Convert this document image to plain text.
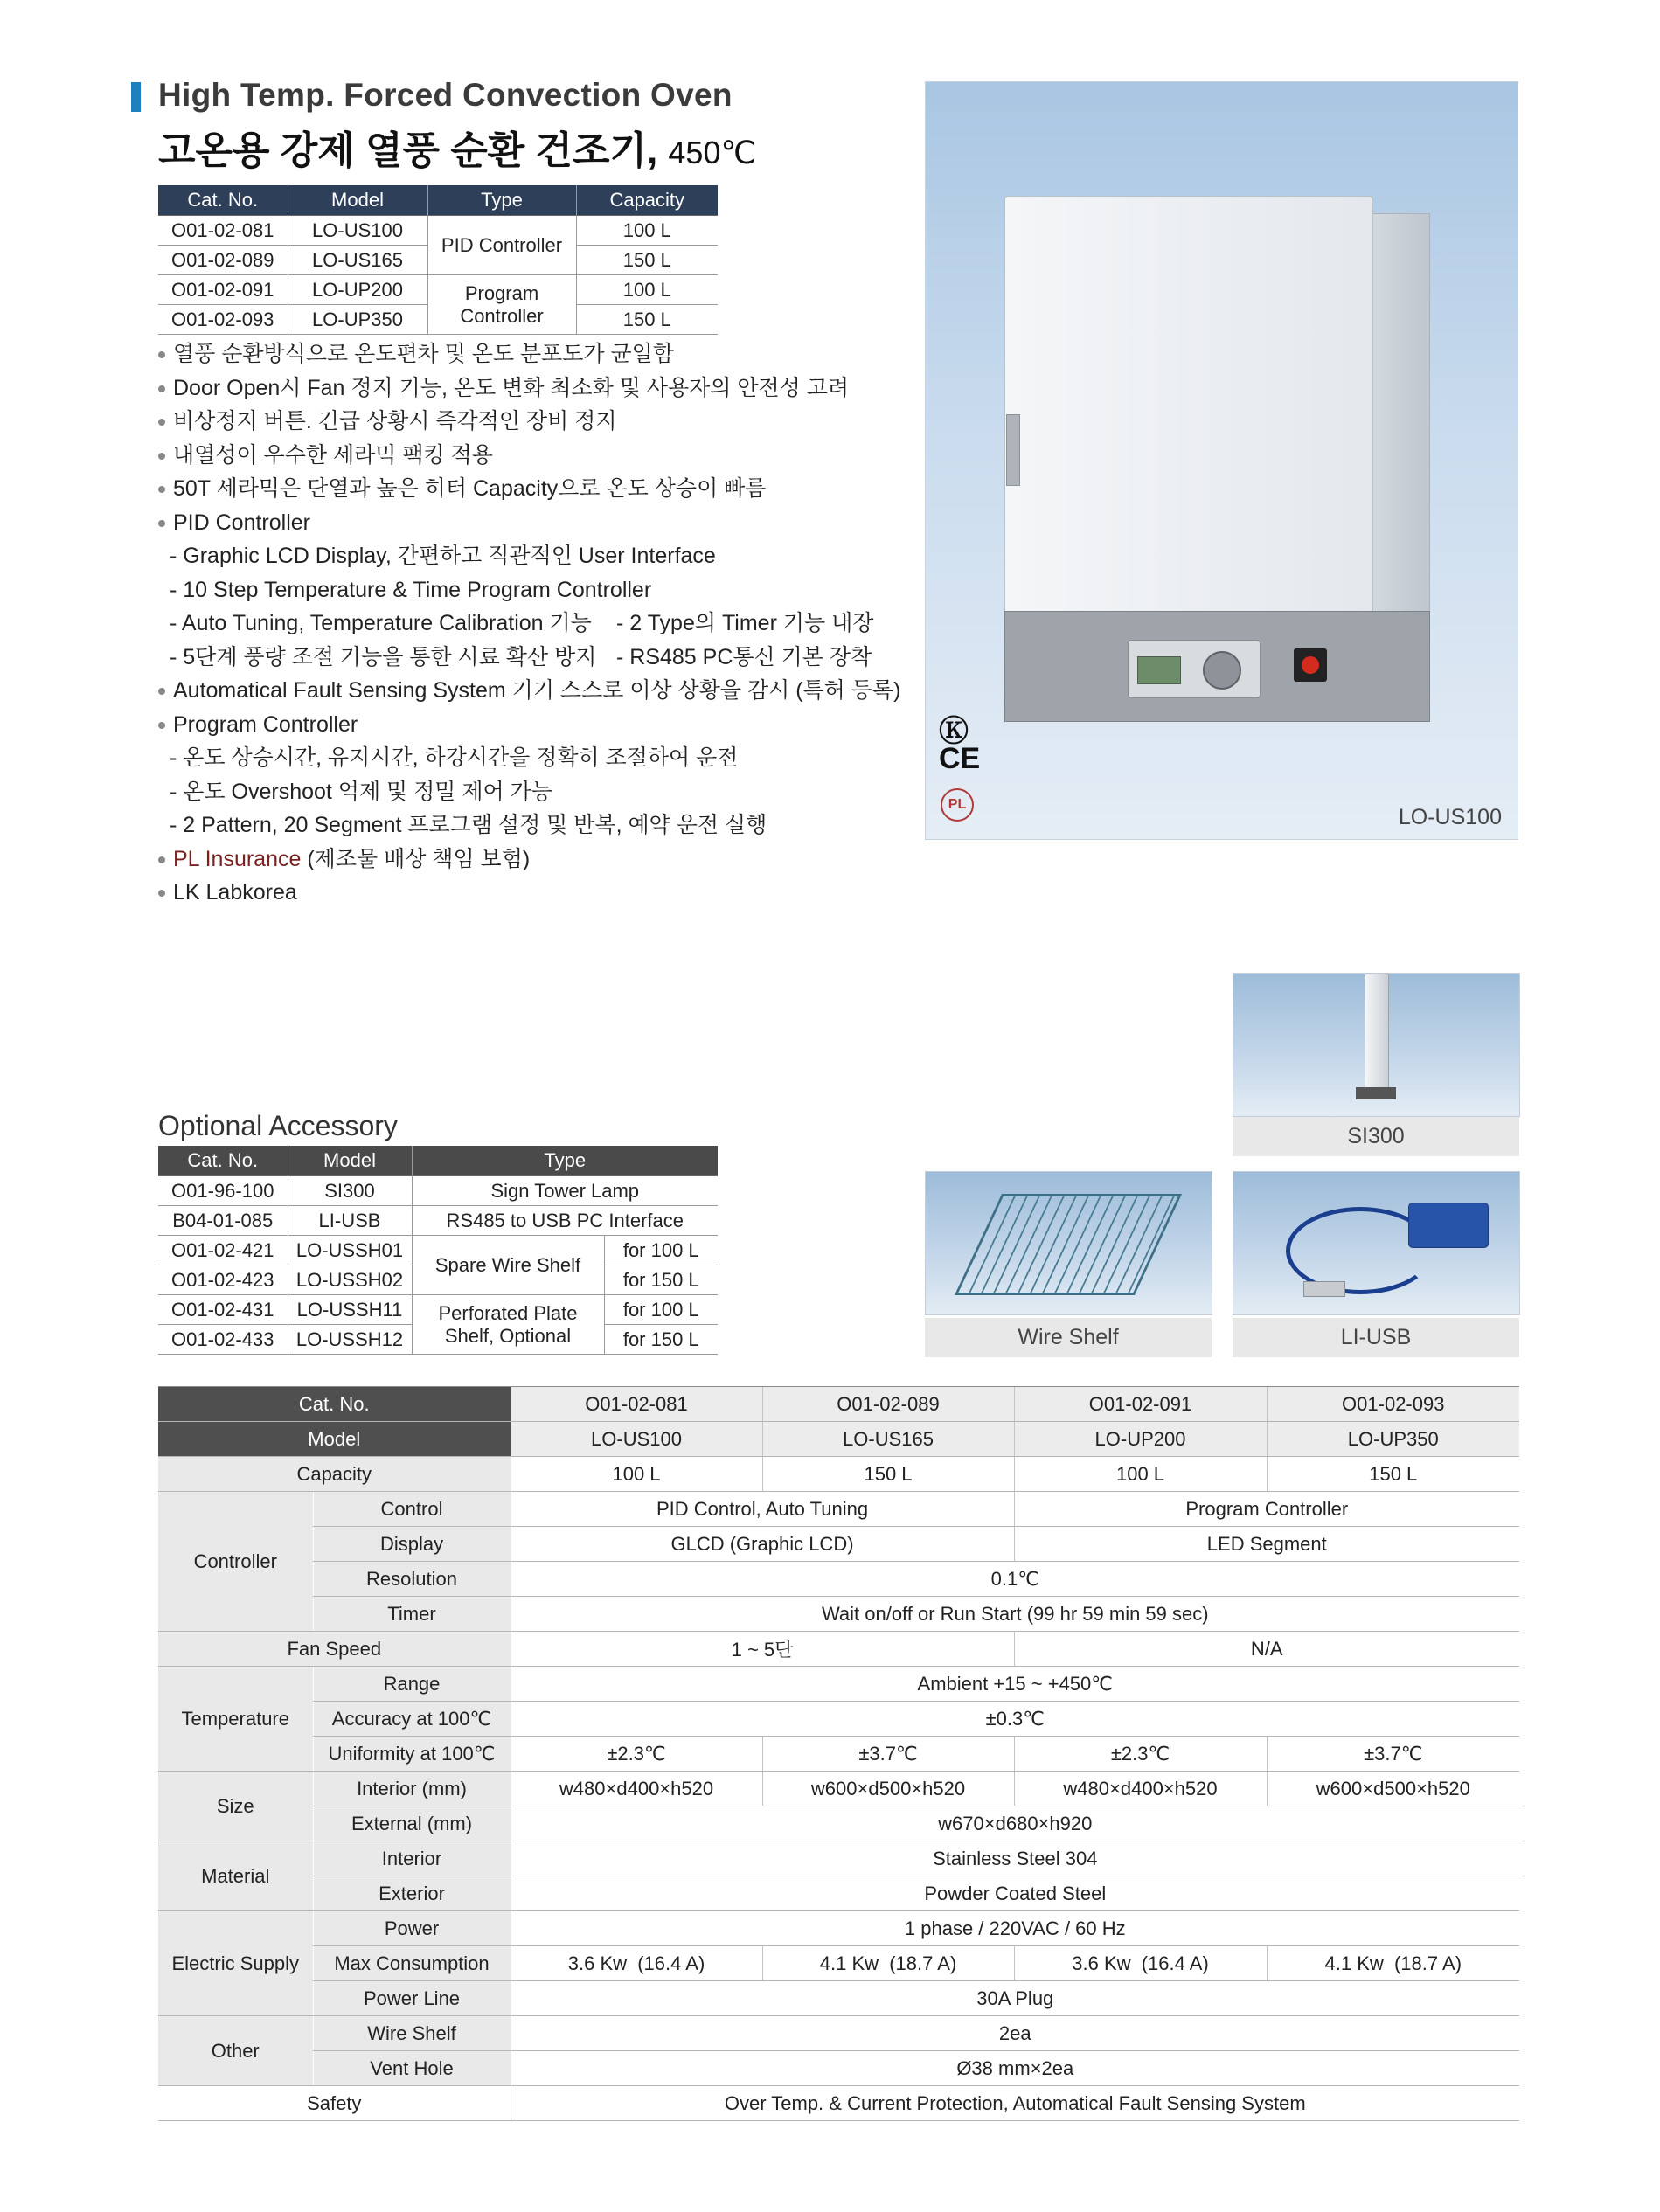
High Temp. Forced Convection Oven
고온용 강제 열풍 순환 건조기, 450℃
Cat. No.	Model	Type	Capacity
O01-02-081	LO-US100	PID Controller	100 L
O01-02-089	LO-US165		150 L
O01-02-091	LO-UP200	Program
Controller	100 L
O01-02-093	LO-UP350		150 L
열풍 순환방식으로 온도편차 및 온도 분포도가 균일함
Door Open시 Fan 정지 기능, 온도 변화 최소화 및 사용자의 안전성 고려
비상정지 버튼. 긴급 상황시 즉각적인 장비 정지
내열성이 우수한 세라믹 팩킹 적용
50T 세라믹은 단열과 높은 히터 Capacity으로 온도 상승이 빠름
PID Controller
- Graphic LCD Display, 간편하고 직관적인 User Interface
- 10 Step Temperature & Time Program Controller
- Auto Tuning, Temperature Calibration 기능 - 2 Type의 Timer 기능 내장
- 5단계 풍량 조절 기능을 통한 시료 확산 방지 - RS485 PC통신 기본 장착
Automatical Fault Sensing System 기기 스스로 이상 상황을 감시 (특허 등록)
Program Controller
- 온도 상승시간, 유지시간, 하강시간을 정확히 조절하여 운전
- 온도 Overshoot 억제 및 정밀 제어 가능
- 2 Pattern, 20 Segment 프로그램 설정 및 반복, 예약 운전 실행
PL Insurance (제조물 배상 책임 보험)
LK Labkorea
Ⓚ
CE
PL
LO-US100
SI300
Wire Shelf	LI-USB
Optional Accessory
Cat. No.	Model	Type	
O01-96-100	SI300	Sign Tower Lamp	
B04-01-085	LI-USB	RS485 to USB PC Interface	
O01-02-421	LO-USSH01	Spare Wire Shelf	for 100 L
O01-02-423	LO-USSH02		for 150 L
O01-02-431	LO-USSH11	Perforated Plate
Shelf, Optional	for 100 L
O01-02-433	LO-USSH12		for 150 L
Cat. No.		O01-02-081	O01-02-089	O01-02-091	O01-02-093
Model		LO-US100	LO-US165	LO-UP200	LO-UP350
Capacity		100 L	150 L	100 L	150 L
Controller	Control	PID Control, Auto Tuning		Program Controller	
	Display	GLCD (Graphic LCD)		LED Segment	
	Resolution	0.1℃			
	Timer	Wait on/off or Run Start (99 hr 59 min 59 sec)			
Fan Speed		1 ~ 5단		N/A	
Temperature	Range	Ambient +15 ~ +450℃			
	Accuracy at 100℃	±0.3℃			
	Uniformity at 100℃	±2.3℃	±3.7℃	±2.3℃	±3.7℃
Size	Interior (mm)	w480×d400×h520	w600×d500×h520	w480×d400×h520	w600×d500×h520
	External (mm)	w670×d680×h920			
Material	Interior	Stainless Steel 304			
	Exterior	Powder Coated Steel			
Electric Supply	Power	1 phase / 220VAC / 60 Hz			
	Max Consumption	3.6 Kw  (16.4 A)	4.1 Kw  (18.7 A)	3.6 Kw  (16.4 A)	4.1 Kw  (18.7 A)
	Power Line	30A Plug			
Other	Wire Shelf	2ea			
	Vent Hole	Ø38 mm×2ea			
Safety		Over Temp. & Current Protection, Automatical Fault Sensing System			
